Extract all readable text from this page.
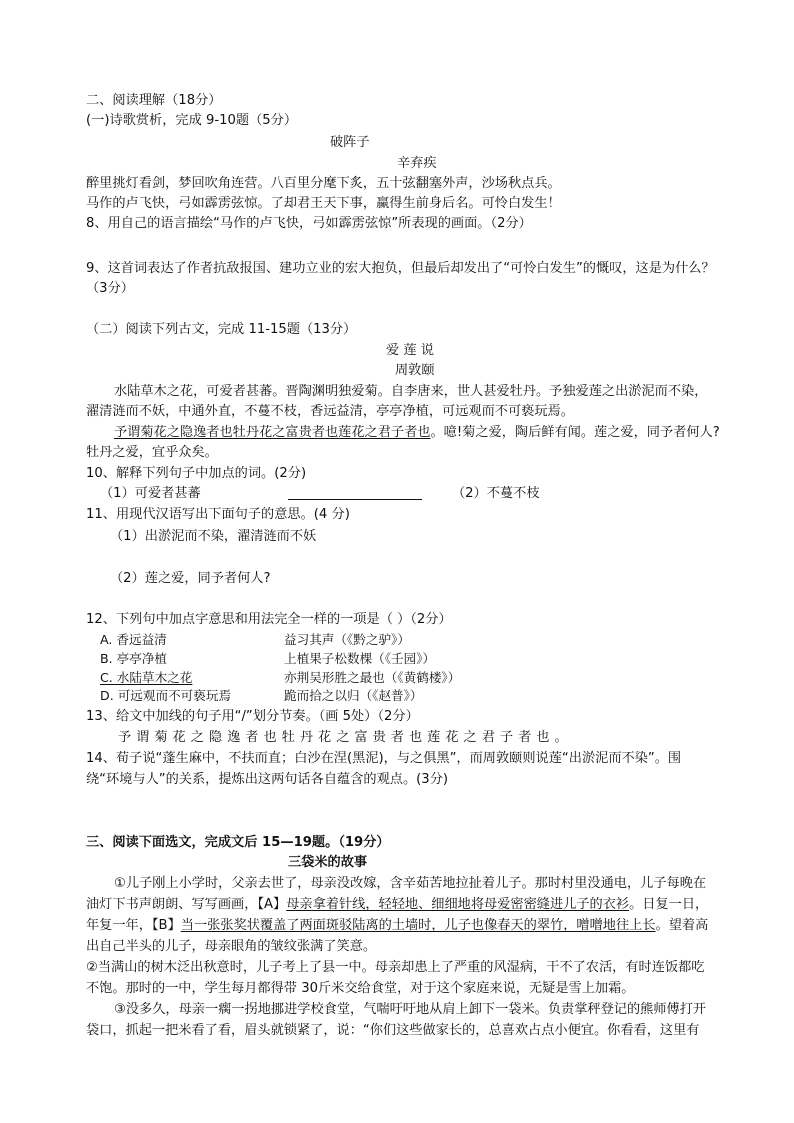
二、阅读理解（18分）
(一)诗歌赏析，完成 9-10题（5分）
破阵子
辛弃疾
醉里挑灯看剑，梦回吹角连营。八百里分麾下炙，五十弦翻塞外声，沙场秋点兵。
马作的卢飞快，弓如霹雳弦惊。了却君王天下事，赢得生前身后名。可怜白发生！
8、用自己的语言描绘“马作的卢飞快，弓如霹雳弦惊”所表现的画面。（2分）
9、这首词表达了作者抗敌报国、建功立业的宏大抱负，但最后却发出了“可怜白发生”的慨叹，这是为什么？
（3分）
（二）阅读下列古文，完成 11-15题（13分）
爱 莲 说
周敦颐
水陆草木之花，可爱者甚蕃。晋陶渊明独爱菊。自李唐来，世人甚爱牡丹。予独爱莲之出淤泥而不染，
濯清涟而不妖，中通外直，不蔓不枝，香远益清，亭亭净植，可远观而不可亵玩焉。
予谓菊花之隐逸者也牡丹花之富贵者也莲花之君子者也。噫!菊之爱，陶后鲜有闻。莲之爱，同予者何人?
牡丹之爱，宜乎众矣。
10、解释下列句子中加点的词。(2分)
（1）可爱者甚蕃	（2）不蔓不枝
11、用现代汉语写出下面句子的意思。(4 分)
（1）出淤泥而不染，濯清涟而不妖
（2）莲之爱，同予者何人?
12、下列句中加点字意思和用法完全一样的一项是（ ）（2分）
A. 香远益清	益习其声（《黔之驴》）
B. 亭亭净植	上植果子松数棵（《壬园》）
C. 水陆草木之花	亦荆吴形胜之最也（《黄鹤楼》）
D. 可远观而不可亵玩焉	跪而拾之以归（《赵普》）
13、给文中加线的句子用“/”划分节奏。（画 5处）（2分）
予谓菊花之隐逸者也牡丹花之富贵者也莲花之君子者也。
14、荀子说“蓬生麻中，不扶而直；白沙在涅(黑泥)，与之俱黑”，而周敦颐则说莲“出淤泥而不染”。围
绕“环境与人”的关系，提炼出这两句话各自蕴含的观点。(3分)
三、阅读下面选文，完成文后 15—19题。（19分）
三袋米的故事
①儿子刚上小学时，父亲去世了，母亲没改嫁，含辛茹苦地拉扯着儿子。那时村里没通电，儿子每晚在
油灯下书声朗朗、写写画画，【A】母亲拿着针线，轻轻地、细细地将母爱密密缝进儿子的衣衫。日复一日，
年复一年，【B】当一张张奖状覆盖了两面斑驳陆离的土墙时，儿子也像春天的翠竹，噌噌地往上长。望着高
出自己半头的儿子，母亲眼角的皱纹张满了笑意。
②当满山的树木泛出秋意时，儿子考上了县一中。母亲却患上了严重的风湿病，干不了农活，有时连饭都吃
不饱。那时的一中，学生每月都得带 30斤米交给食堂，对于这个家庭来说，无疑是雪上加霜。
③没多久，母亲一瘸一拐地挪进学校食堂，气喘吁吁地从肩上卸下一袋米。负责掌秤登记的熊师傅打开
袋口，抓起一把米看了看，眉头就锁紧了，说：“你们这些做家长的，总喜欢占点小便宜。你看看，这里有
